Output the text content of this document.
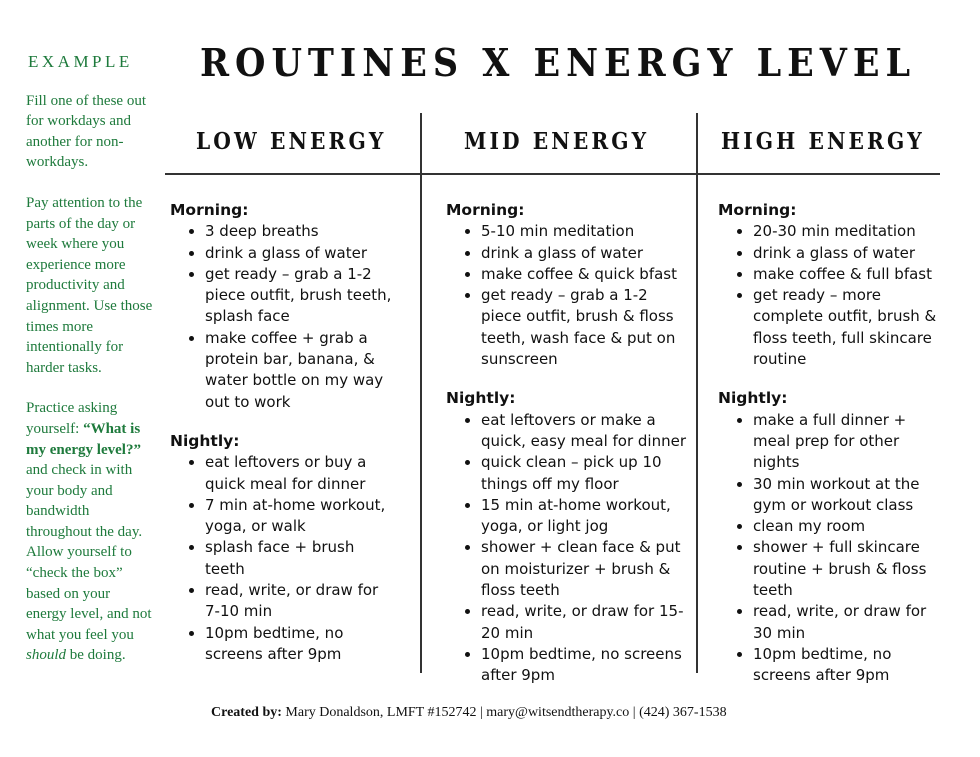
EXAMPLE

Fill one of these out for workdays and another for non-workdays.

Pay attention to the parts of the day or week where you experience more productivity and alignment. Use those times more intentionally for harder tasks.

Practice asking yourself: “What is my energy level?” and check in with your body and bandwidth throughout the day. Allow yourself to “check the box” based on your energy level, and not what you feel you should be doing.

ROUTINES X ENERGY LEVEL
LOW ENERGY	MID ENERGY	HIGH ENERGY
Morning:
• 3 deep breaths
• drink a glass of water
• get ready – grab a 1-2 piece outfit, brush teeth, splash face
• make coffee + grab a protein bar, banana, & water bottle on my way out to work
Nightly:
• eat leftovers or buy a quick meal for dinner
• 7 min at-home workout, yoga, or walk
• splash face + brush teeth
• read, write, or draw for 7-10 min
• 10pm bedtime, no screens after 9pm
Morning:
• 5-10 min meditation
• drink a glass of water
• make coffee & quick bfast
• get ready – grab a 1-2 piece outfit, brush & floss teeth, wash face & put on sunscreen
Nightly:
• eat leftovers or make a quick, easy meal for dinner
• quick clean – pick up 10 things off my floor
• 15 min at-home workout, yoga, or light jog
• shower + clean face & put on moisturizer + brush & floss teeth
• read, write, or draw for 15-20 min
• 10pm bedtime, no screens after 9pm
Morning:
• 20-30 min meditation
• drink a glass of water
• make coffee & full bfast
• get ready – more complete outfit, brush & floss teeth, full skincare routine
Nightly:
• make a full dinner + meal prep for other nights
• 30 min workout at the gym or workout class
• clean my room
• shower + full skincare routine + brush & floss teeth
• read, write, or draw for 30 min
• 10pm bedtime, no screens after 9pm
Created by: Mary Donaldson, LMFT #152742 | mary@witsendtherapy.co | (424) 367-1538
